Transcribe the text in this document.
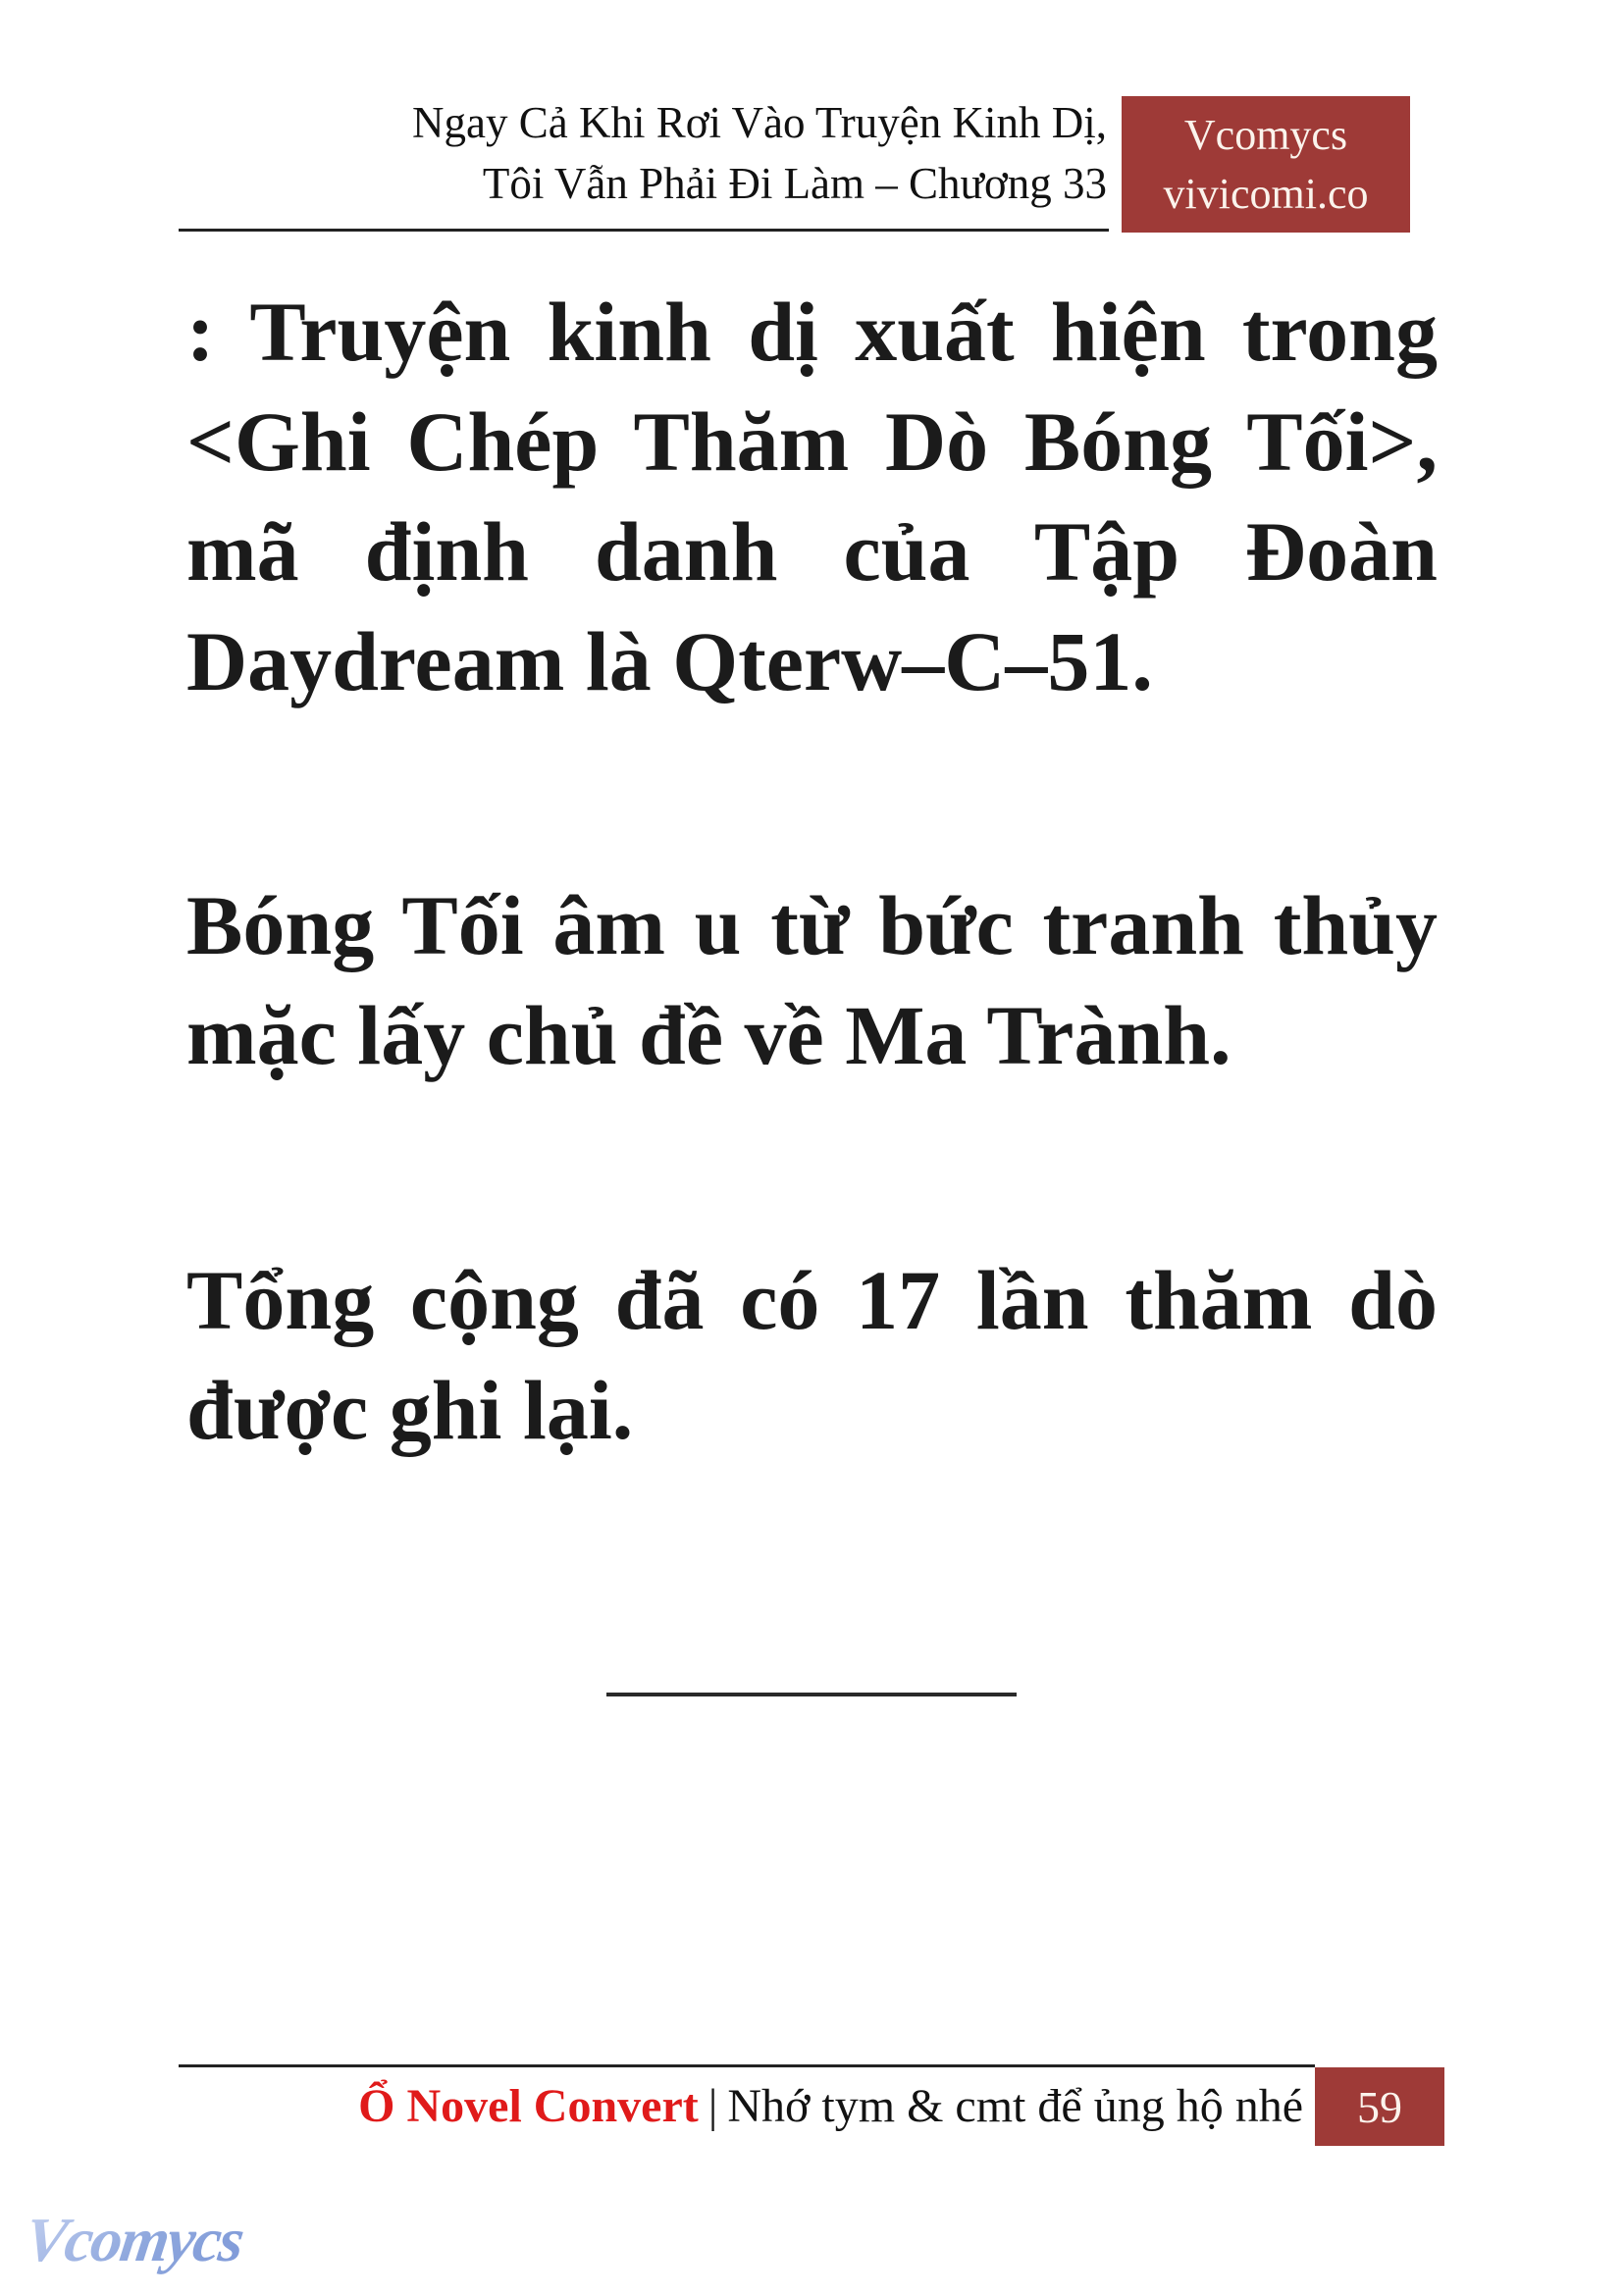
Ngay Cả Khi Rơi Vào Truyện Kinh Dị,
Tôi Vẫn Phải Đi Làm – Chương 33
Vcomycs
vivicomi.co
: Truyện kinh dị xuất hiện trong
<Ghi Chép Thăm Dò Bóng Tối>,
mã định danh của Tập Đoàn
Daydream là Qterw–C–51.
Bóng Tối âm u từ bức tranh thủy
mặc lấy chủ đề về Ma Trành.
Tổng cộng đã có 17 lần thăm dò
được ghi lại.
Ổ Novel Convert | Nhớ tym & cmt để ủng hộ nhé 59
Vcomycs
